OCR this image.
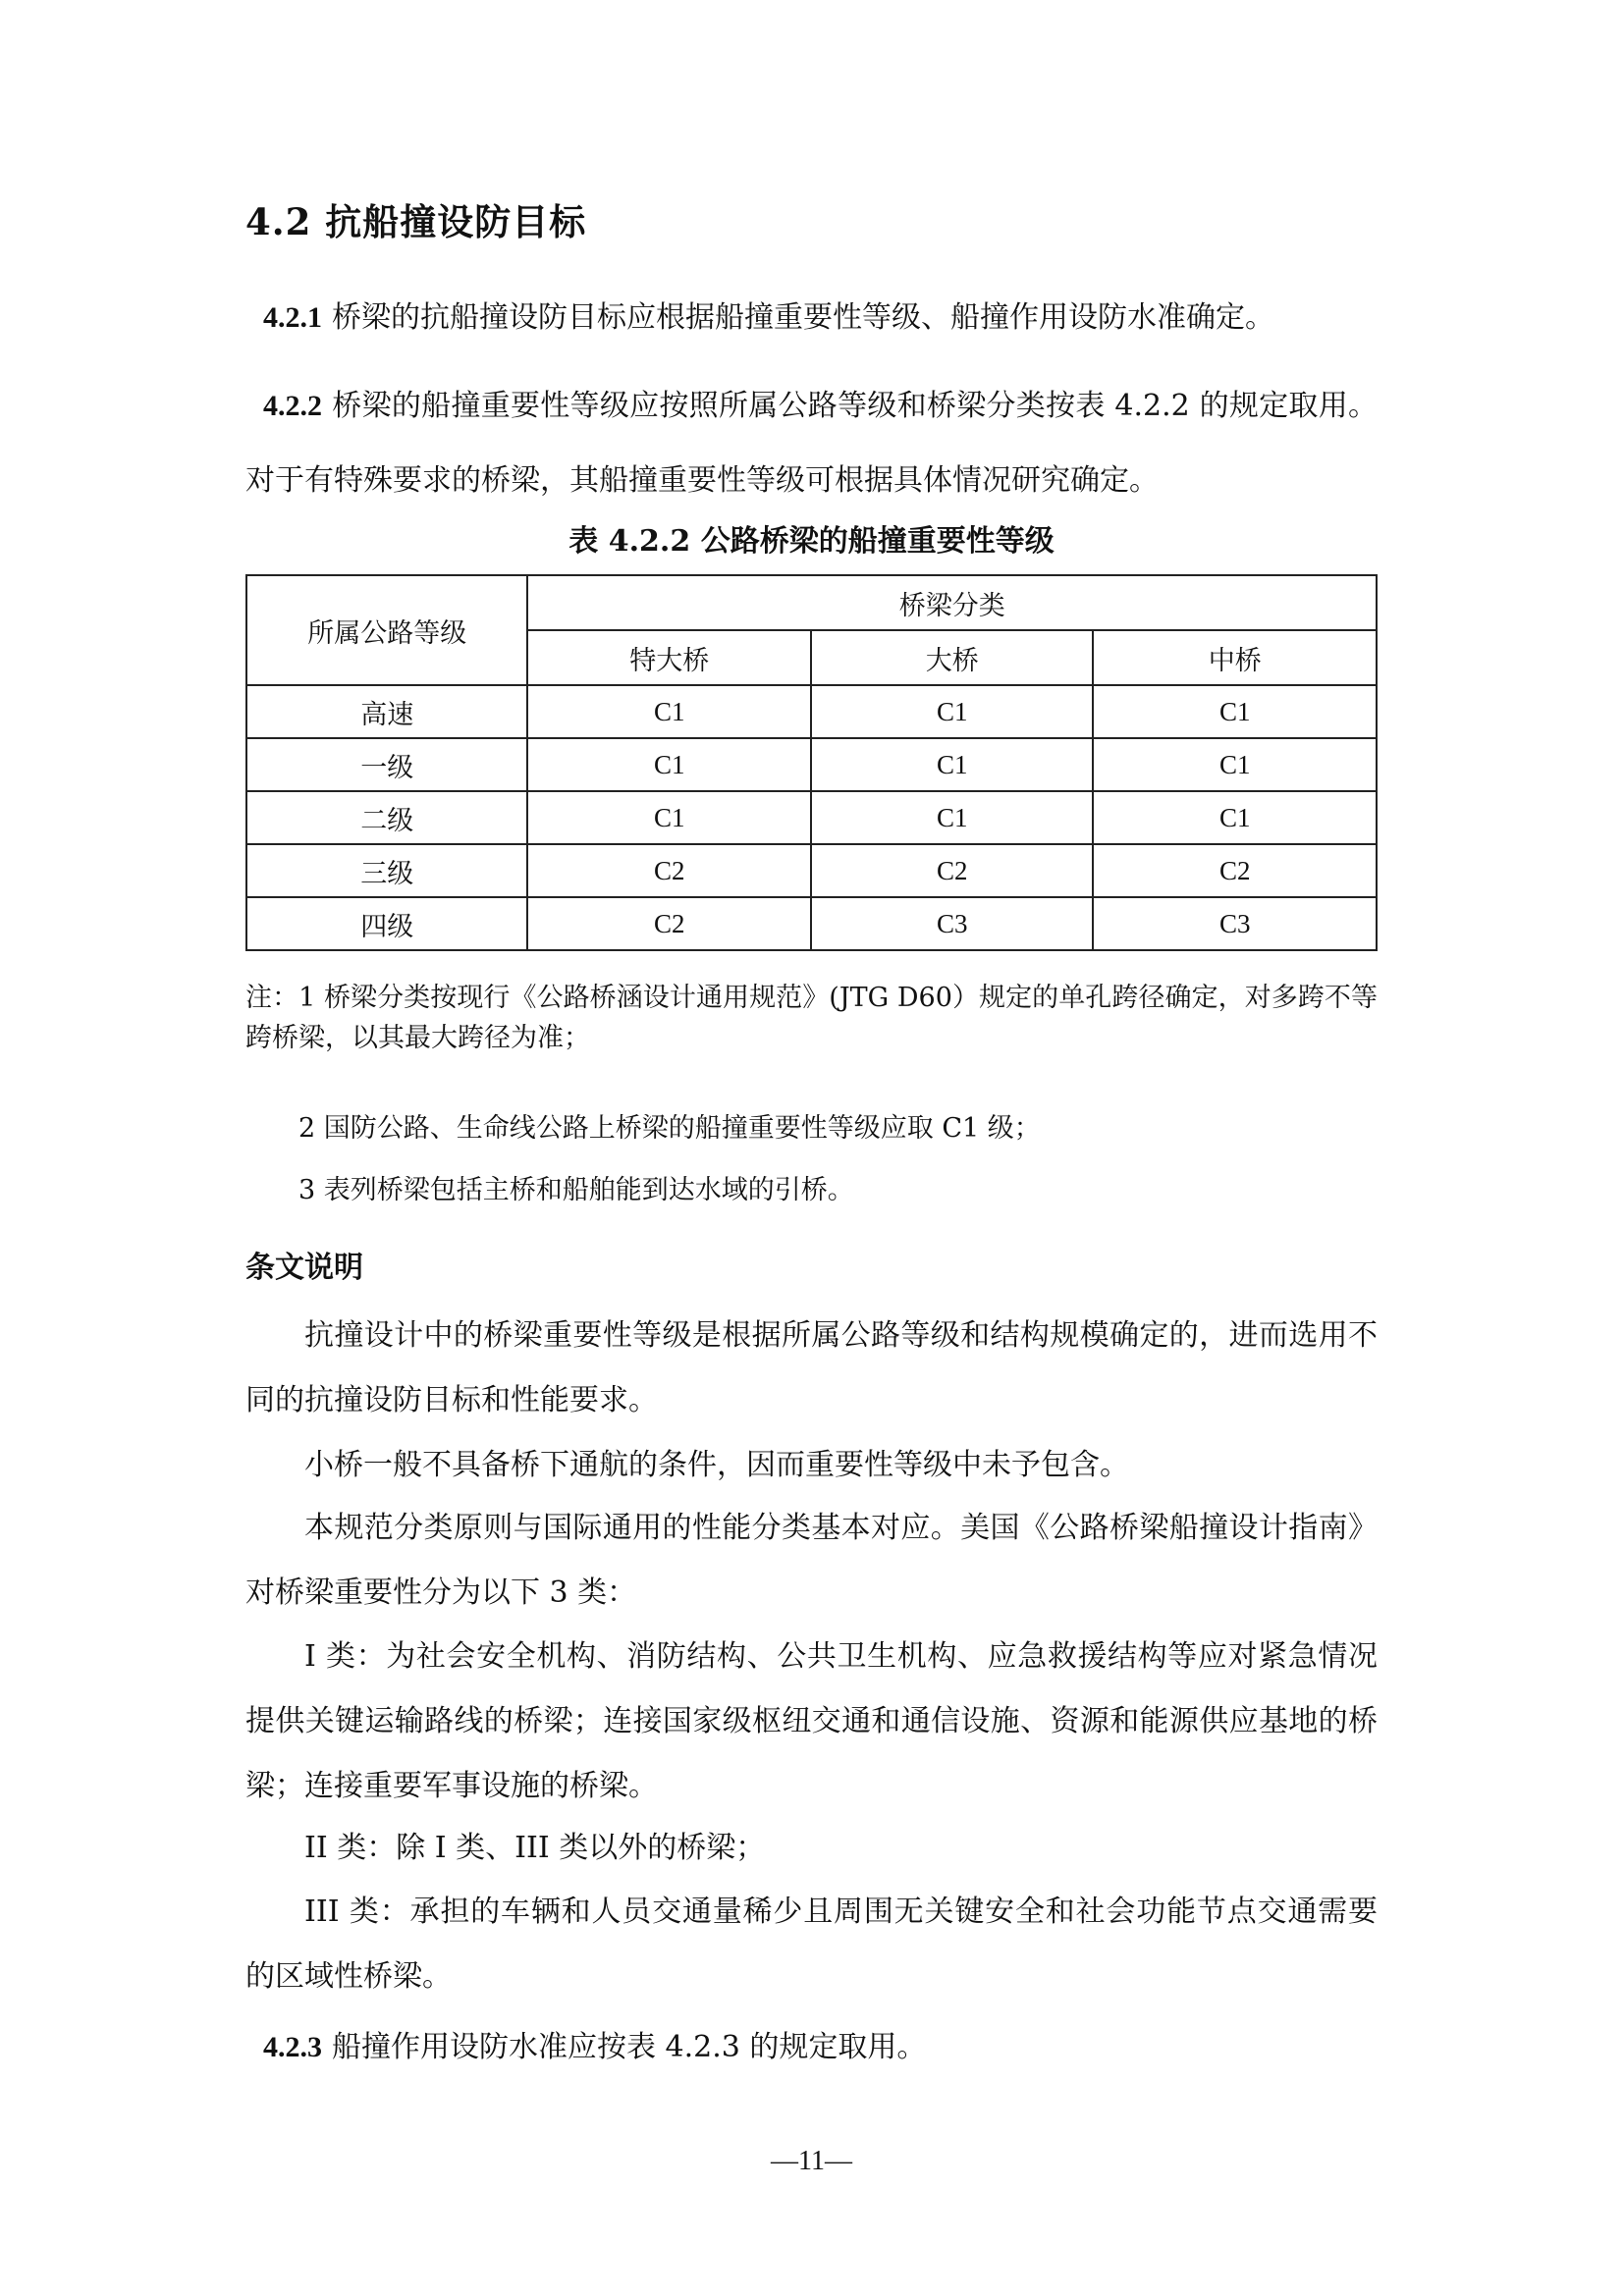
4.2 抗船撞设防目标
4.2.1 桥梁的抗船撞设防目标应根据船撞重要性等级、船撞作用设防水准确定。
4.2.2 桥梁的船撞重要性等级应按照所属公路等级和桥梁分类按表 4.2.2 的规定取用。对于有特殊要求的桥梁，其船撞重要性等级可根据具体情况研究确定。
表 4.2.2 公路桥梁的船撞重要性等级
所属公路等级	桥梁分类		
	特大桥	大桥	中桥
高速	C1	C1	C1
一级	C1	C1	C1
二级	C1	C1	C1
三级	C2	C2	C2
四级	C2	C3	C3
注：1 桥梁分类按现行《公路桥涵设计通用规范》(JTG D60）规定的单孔跨径确定，对多跨不等跨桥梁，以其最大跨径为准；
2 国防公路、生命线公路上桥梁的船撞重要性等级应取 C1 级；
3 表列桥梁包括主桥和船舶能到达水域的引桥。
条文说明
抗撞设计中的桥梁重要性等级是根据所属公路等级和结构规模确定的，进而选用不同的抗撞设防目标和性能要求。
小桥一般不具备桥下通航的条件，因而重要性等级中未予包含。
本规范分类原则与国际通用的性能分类基本对应。美国《公路桥梁船撞设计指南》对桥梁重要性分为以下 3 类：
I 类：为社会安全机构、消防结构、公共卫生机构、应急救援结构等应对紧急情况提供关键运输路线的桥梁；连接国家级枢纽交通和通信设施、资源和能源供应基地的桥梁；连接重要军事设施的桥梁。
II 类：除 I 类、III 类以外的桥梁；
III 类：承担的车辆和人员交通量稀少且周围无关键安全和社会功能节点交通需要的区域性桥梁。
4.2.3 船撞作用设防水准应按表 4.2.3 的规定取用。
—11—
